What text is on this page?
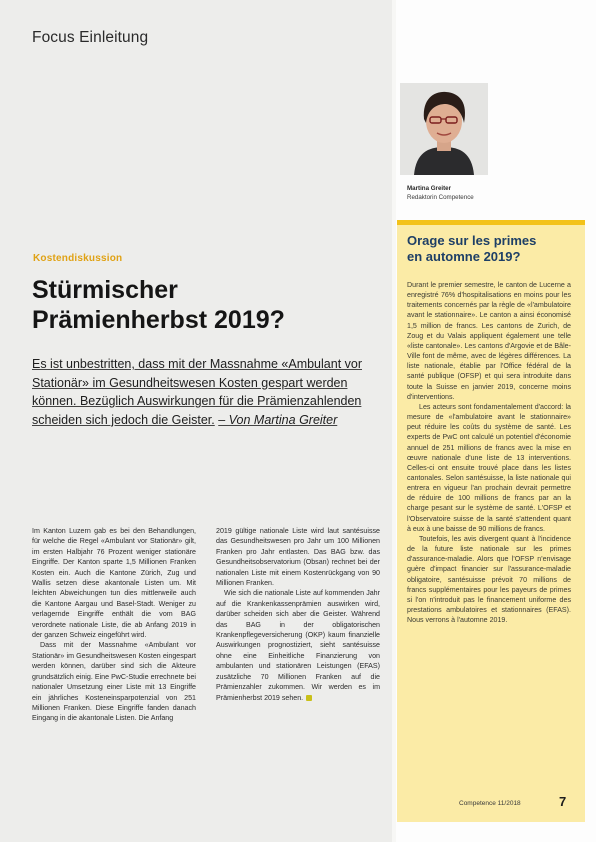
Focus Einleitung
Kostendiskussion
Stürmischer
Prämienherbst 2019?

Es ist unbestritten, dass mit der Massnahme «Ambulant vor Stationär» im Gesundheitswesen Kosten gespart werden können. Bezüglich Auswirkungen für die Prämienzahlenden scheiden sich jedoch die Geister. – Von Martina Greiter

Im Kanton Luzern gab es bei den Behandlungen, für welche die Regel «Ambulant vor Stationär» gilt, im ersten Halbjahr 76 Prozent weniger stationäre Eingriffe. Der Kanton sparte 1,5 Millionen Franken Kosten ein. Auch die Kantone Zürich, Zug und Wallis setzen diese akantonale Listen um. Mit leichten Abweichungen tun dies mittlerweile auch die Kantone Aargau und Basel-Stadt. Weniger zu verlagernde Eingriffe enthält die vom BAG verordnete nationale Liste, die ab Anfang 2019 in der ganzen Schweiz eingeführt wird.

Dass mit der Massnahme «Ambulant vor Stationär» im Gesundheitswesen Kosten eingespart werden können, darüber sind sich die Akteure grundsätzlich einig. Eine PwC-Studie errechnete bei nationaler Umsetzung einer Liste mit 13 Eingriffe ein jährliches Kosteneinsparpotenzial von 251 Millionen Franken. Diese Eingriffe fanden danach Eingang in die akantonale Listen. Die Anfang

2019 gültige nationale Liste wird laut santésuisse das Gesundheitswesen pro Jahr um 100 Millionen Franken pro Jahr entlasten. Das BAG bzw. das Gesundheitsobservatorium (Obsan) rechnet bei der nationalen Liste mit einem Kostenrückgang von 90 Millionen Franken.

Wie sich die nationale Liste auf kommenden Jahr auf die Krankenkassenprämien auswirken wird, darüber scheiden sich aber die Geister. Während das BAG in der obligatorischen Krankenpflegeversicherung (OKP) kaum finanzielle Auswirkungen prognostiziert, sieht santésuisse ohne eine Einheitliche Finanzierung von ambulanten und stationären Leistungen (EFAS) zusätzliche 70 Millionen Franken auf die Prämienzahler zukommen. Wir werden es im Prämienherbst 2019 sehen.

Martina Greiter
Redaktorin Competence
Orage sur les primes
en automne 2019?

Durant le premier semestre, le canton de Lucerne a enregistré 76% d'hospitalisations en moins pour les traitements concernés par la règle de «l'ambulatoire avant le stationnaire». Le canton a ainsi économisé 1,5 million de francs. Les cantons de Zurich, de Zoug et du Valais appliquent également une telle «liste cantonale». Les cantons d'Argovie et de Bâle-Ville font de même, avec de légères différences. La liste nationale, établie par l'Office fédéral de la santé publique (OFSP) et qui sera introduite dans toute la Suisse en janvier 2019, concerne moins d'interventions.

Les acteurs sont fondamentalement d'accord: la mesure de «l'ambulatoire avant le stationnaire» peut réduire les coûts du système de santé. Les experts de PwC ont calculé un potentiel d'économie annuel de 251 millions de francs avec la mise en œuvre nationale d'une liste de 13 interventions. Celles-ci ont ensuite trouvé place dans les listes cantonales. Selon santésuisse, la liste nationale qui entrera en vigueur l'an prochain devrait permettre de réduire de 100 millions de francs par an la charge pesant sur le système de santé. L'OFSP et l'Observatoire suisse de la santé s'attendent quant à eux à une baisse de 90 millions de francs.

Toutefois, les avis divergent quant à l'incidence de la future liste nationale sur les primes d'assurance-maladie. Alors que l'OFSP n'envisage guère d'impact financier sur l'assurance-maladie obligatoire, santésuisse prévoit 70 millions de francs supplémentaires pour les payeurs de primes si l'on n'introduit pas le financement uniforme des prestations ambulatoires et stationnaires (EFAS). Nous verrons à l'automne 2019.

Competence 11/2018	7
